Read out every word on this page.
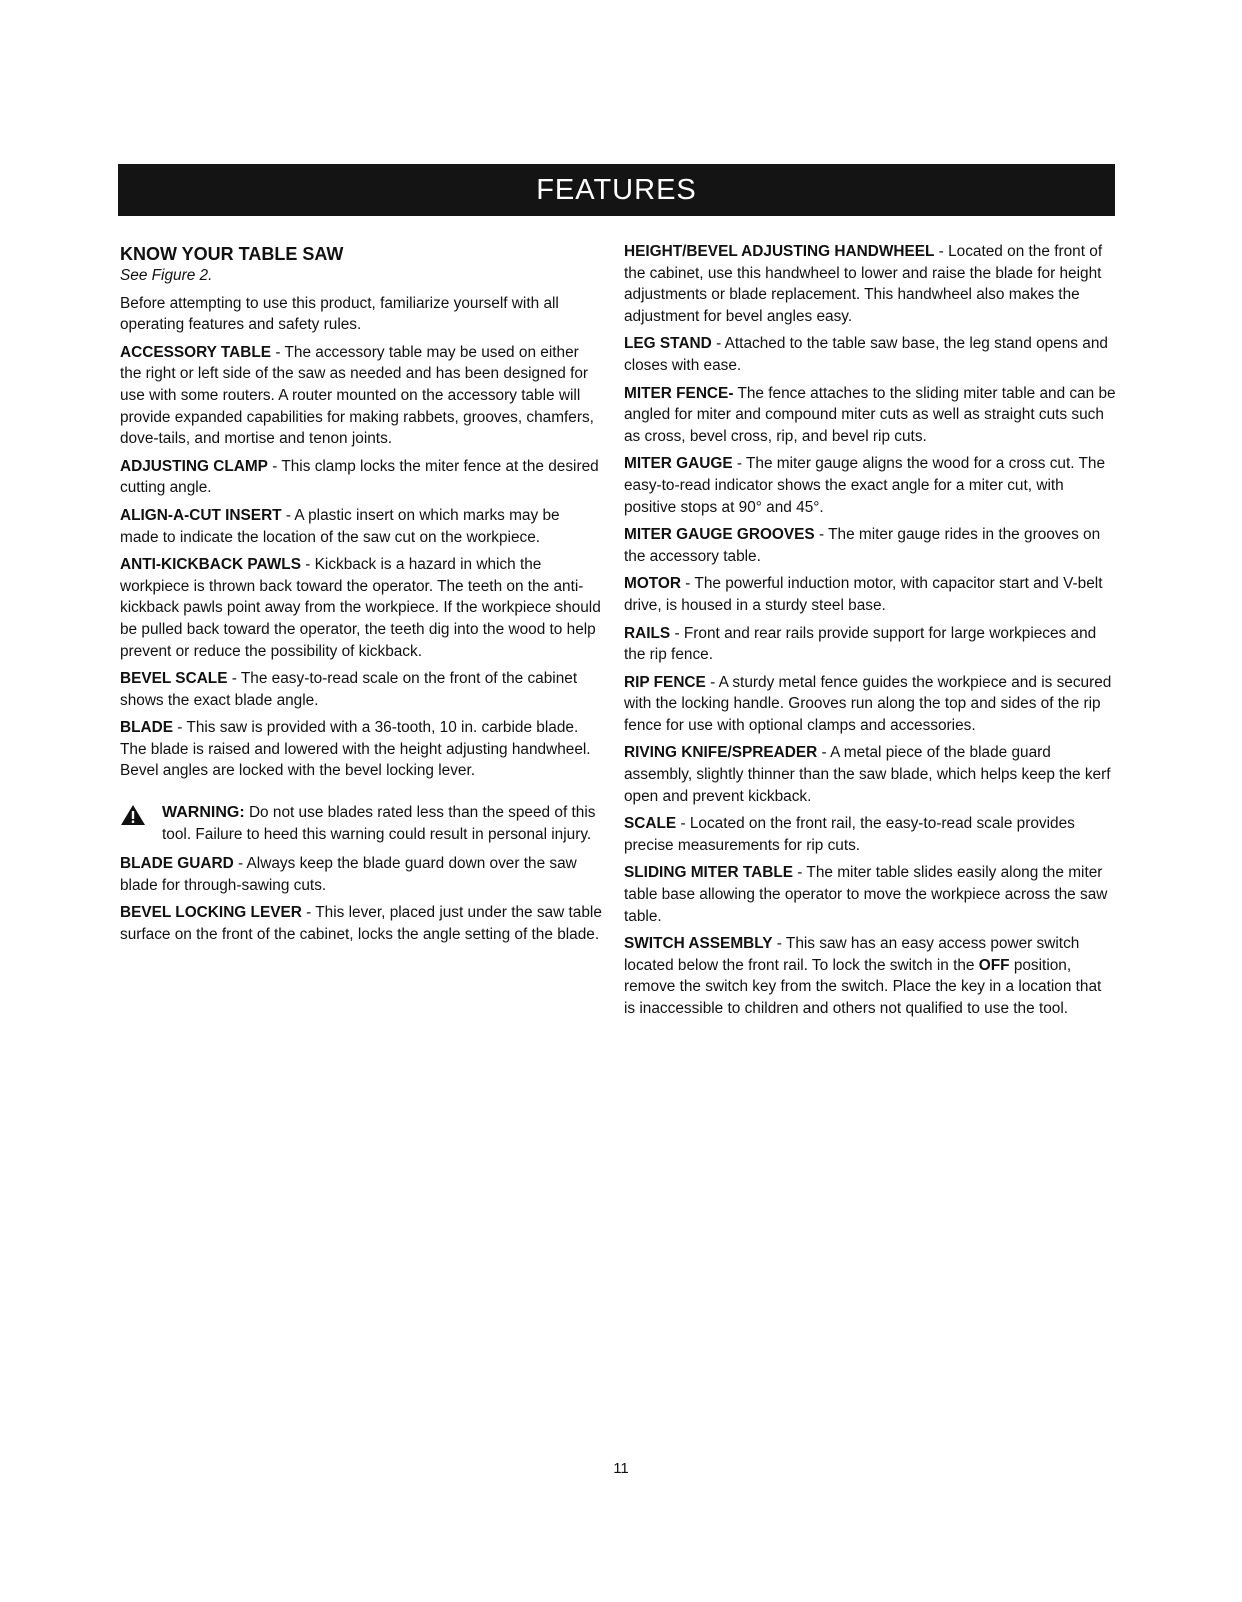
FEATURES
KNOW YOUR TABLE SAW
See Figure 2.
Before attempting to use this product, familiarize yourself with all operating features and safety rules.
ACCESSORY TABLE - The accessory table may be used on either the right or left side of the saw as needed and has been designed for use with some routers. A router mounted on the accessory table will provide expanded capabilities for making rabbets, grooves, chamfers, dove-tails, and mortise and tenon joints.
ADJUSTING CLAMP - This clamp locks the miter fence at the desired cutting angle.
ALIGN-A-CUT INSERT - A plastic insert on which marks may be made to indicate the location of the saw cut on the workpiece.
ANTI-KICKBACK PAWLS - Kickback is a hazard in which the workpiece is thrown back toward the operator. The teeth on the anti-kickback pawls point away from the workpiece. If the workpiece should be pulled back toward the operator, the teeth dig into the wood to help prevent or reduce the possibility of kickback.
BEVEL SCALE - The easy-to-read scale on the front of the cabinet shows the exact blade angle.
BLADE - This saw is provided with a 36-tooth, 10 in. carbide blade. The blade is raised and lowered with the height adjusting handwheel. Bevel angles are locked with the bevel locking lever.
WARNING: Do not use blades rated less than the speed of this tool. Failure to heed this warning could result in personal injury.
BLADE GUARD - Always keep the blade guard down over the saw blade for through-sawing cuts.
BEVEL LOCKING LEVER - This lever, placed just under the saw table surface on the front of the cabinet, locks the angle setting of the blade.
HEIGHT/BEVEL ADJUSTING HANDWHEEL - Located on the front of the cabinet, use this handwheel to lower and raise the blade for height adjustments or blade replacement. This handwheel also makes the adjustment for bevel angles easy.
LEG STAND - Attached to the table saw base, the leg stand opens and closes with ease.
MITER FENCE- The fence attaches to the sliding miter table and can be angled for miter and compound miter cuts as well as straight cuts such as cross, bevel cross, rip, and bevel rip cuts.
MITER GAUGE - The miter gauge aligns the wood for a cross cut. The easy-to-read indicator shows the exact angle for a miter cut, with positive stops at 90° and 45°.
MITER GAUGE GROOVES - The miter gauge rides in the grooves on the accessory table.
MOTOR - The powerful induction motor, with capacitor start and V-belt drive, is housed in a sturdy steel base.
RAILS - Front and rear rails provide support for large workpieces and the rip fence.
RIP FENCE - A sturdy metal fence guides the workpiece and is secured with the locking handle. Grooves run along the top and sides of the rip fence for use with optional clamps and accessories.
RIVING KNIFE/SPREADER - A metal piece of the blade guard assembly, slightly thinner than the saw blade, which helps keep the kerf open and prevent kickback.
SCALE - Located on the front rail, the easy-to-read scale provides precise measurements for rip cuts.
SLIDING MITER TABLE - The miter table slides easily along the miter table base allowing the operator to move the workpiece across the saw table.
SWITCH ASSEMBLY - This saw has an easy access power switch located below the front rail. To lock the switch in the OFF position, remove the switch key from the switch. Place the key in a location that is inaccessible to children and others not qualified to use the tool.
11
